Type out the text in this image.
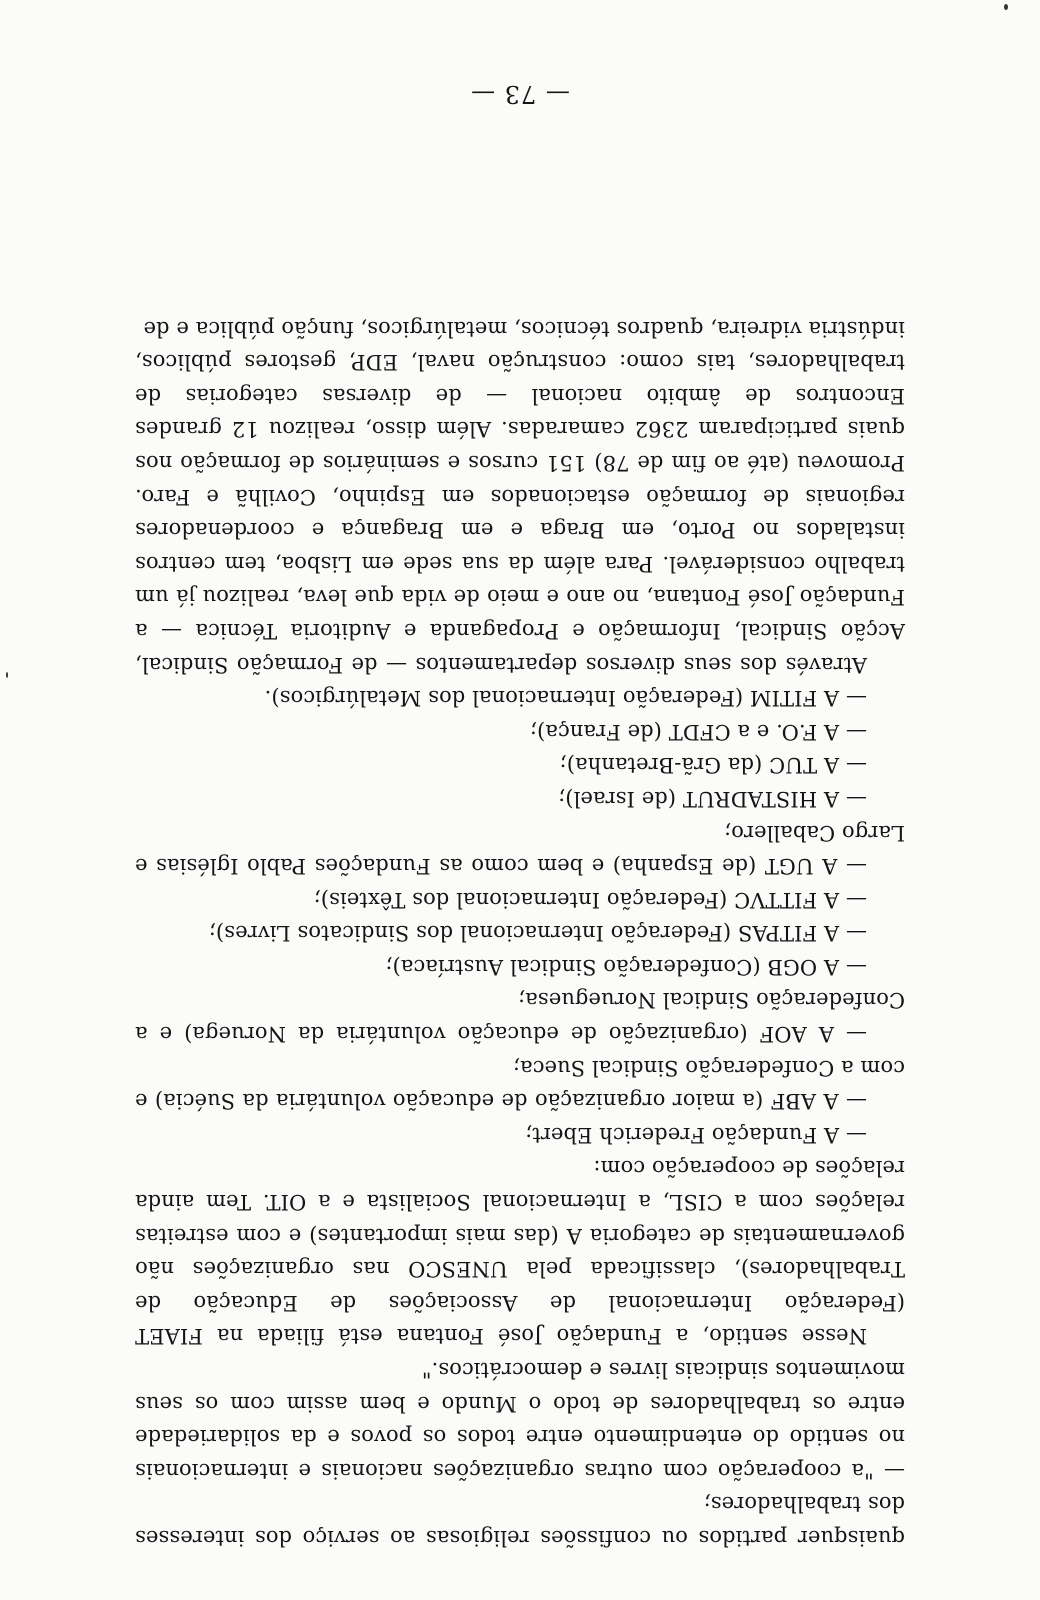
quaisquer partidos ou confissões religiosas ao serviço dos interesses dos trabalhadores;

— "a cooperação com outras organizações nacionais e internacionais no sentido do entendimento entre todos os povos e da solidariedade entre os trabalhadores de todo o Mundo e bem assim com os seus movimentos sindicais livres e democráticos."

Nesse sentido, a Fundação José Fontana está filiada na FIAET (Federação Internacional de Associações de Educação de Trabalhadores), classificada pela UNESCO nas organizações não governamentais de categoria A (das mais importantes) e com estreitas relações com a CISL, a Internacional Socialista e a OIT. Tem ainda relações de cooperação com:

— A Fundação Frederich Ebert;

— A ABF (a maior organização de educação voluntária da Suécia) e com a Confederação Sindical Sueca;

— A AOF (organização de educação voluntária da Noruega) e a Confederação Sindical Norueguesa;

— A OGB (Confederação Sindical Austríaca);

— A FITPAS (Federação Internacional dos Sindicatos Livres);

— A FITTVC (Federação Internacional dos Têxteis);

— A UGT (de Espanha) e bem como as Fundações Pablo Iglésias e Largo Caballero;

— A HISTADRUT (de Israel);

— A TUC (da Grã-Bretanha);

— A F.O. e a CFDT (de França);

— A FITIM (Federação Internacional dos Metalúrgicos).

Através dos seus diversos departamentos — de Formação Sindical, Acção Sindical, Informação e Propaganda e Auditoria Técnica — a Fundação José Fontana, no ano e meio de vida que leva, realizou já um trabalho considerável. Para além da sua sede em Lisboa, tem centros instalados no Porto, em Braga e em Bragança e coordenadores regionais de formação estacionados em Espinho, Covilhã e Faro. Promoveu (até ao fim de 78) 151 cursos e seminários de formação nos quais participaram 2362 camaradas. Além disso, realizou 12 grandes Encontros de âmbito nacional — de diversas categorias de trabalhadores, tais como: construção naval, EDP, gestores públicos, indústria vidreira, quadros técnicos, metalúrgicos, função pública e de

— 73 —
